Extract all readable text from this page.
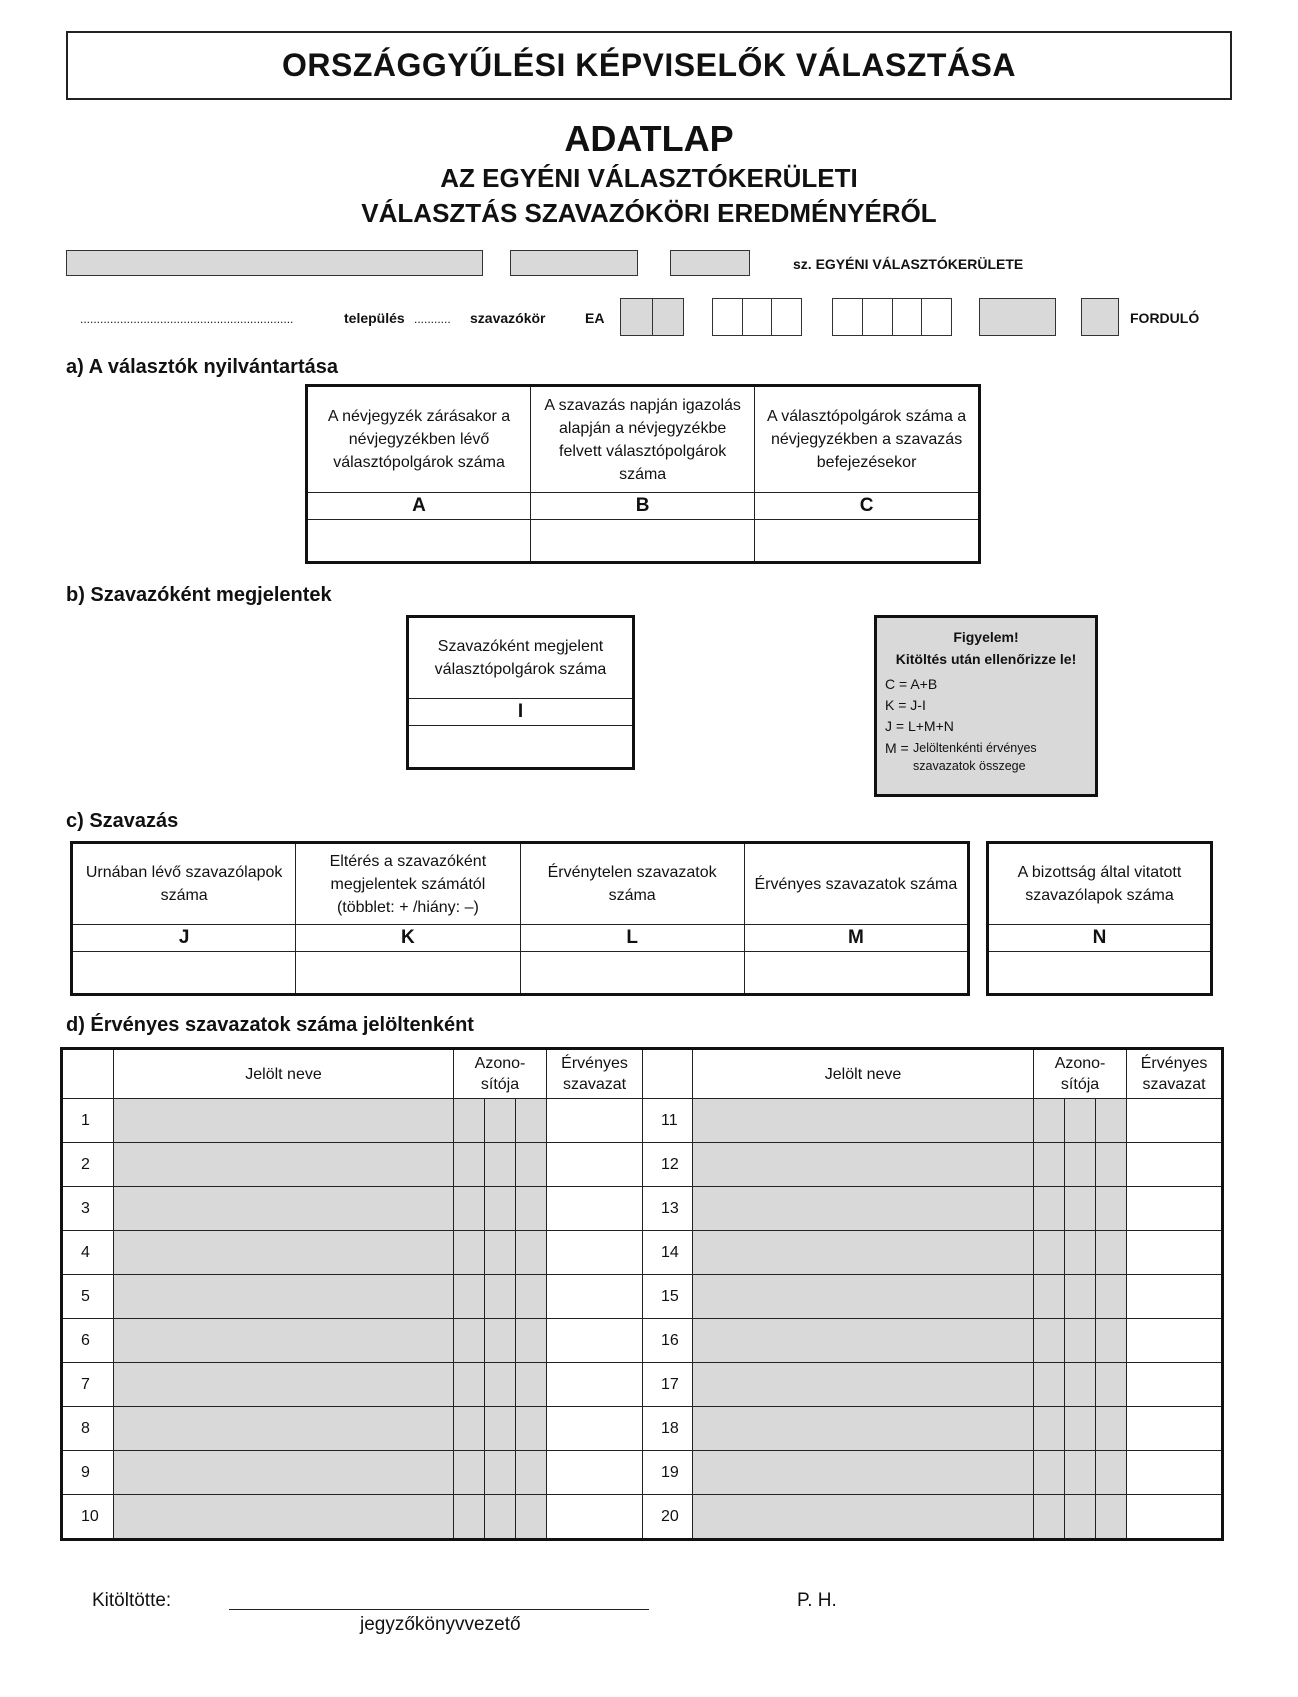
ORSZÁGGYŰLÉSI KÉPVISELŐK VÁLASZTÁSA
ADATLAP
AZ EGYÉNI VÁLASZTÓKERÜLETI
VÁLASZTÁS SZAVAZÓKÖRI EREDMÉNYÉRŐL
sz. EGYÉNI VÁLASZTÓKERÜLETE
................................................................	település ........... szavazókör	EA	FORDULÓ
a) A választók nyilvántartása
A névjegyzék zárásakor a névjegyzékben lévő választópolgárok száma	A szavazás napján igazolás alapján a névjegyzékbe felvett választópolgárok száma	A választópolgárok száma a névjegyzékben a szavazás befejezésekor
A	B	C

b) Szavazóként megjelentek
Szavazóként megjelent választópolgárok száma
I

Figyelem!
Kitöltés után ellenőrizze le!
C = A+B
K = J-I
J = L+M+N
M = Jelöltenkénti érvényes szavazatok összege
c) Szavazás
Urnában lévő szavazólapok száma	Eltérés a szavazóként megjelentek számától (többlet: + /hiány: –)	Érvénytelen szavazatok száma	Érvényes szavazatok száma
J	K	L	M

A bizottság által vitatott szavazólapok száma
N

d) Érvényes szavazatok száma jelöltenként
	Jelölt neve	Azono- sítója			Érvényes szavazat		Jelölt neve	Azono- sítója			Érvényes szavazat
1						11					
2						12					
3						13					
4						14					
5						15					
6						16					
7						17					
8						18					
9						19					
10						20					
Kitöltötte:
jegyzőkönyvvezető
P. H.
